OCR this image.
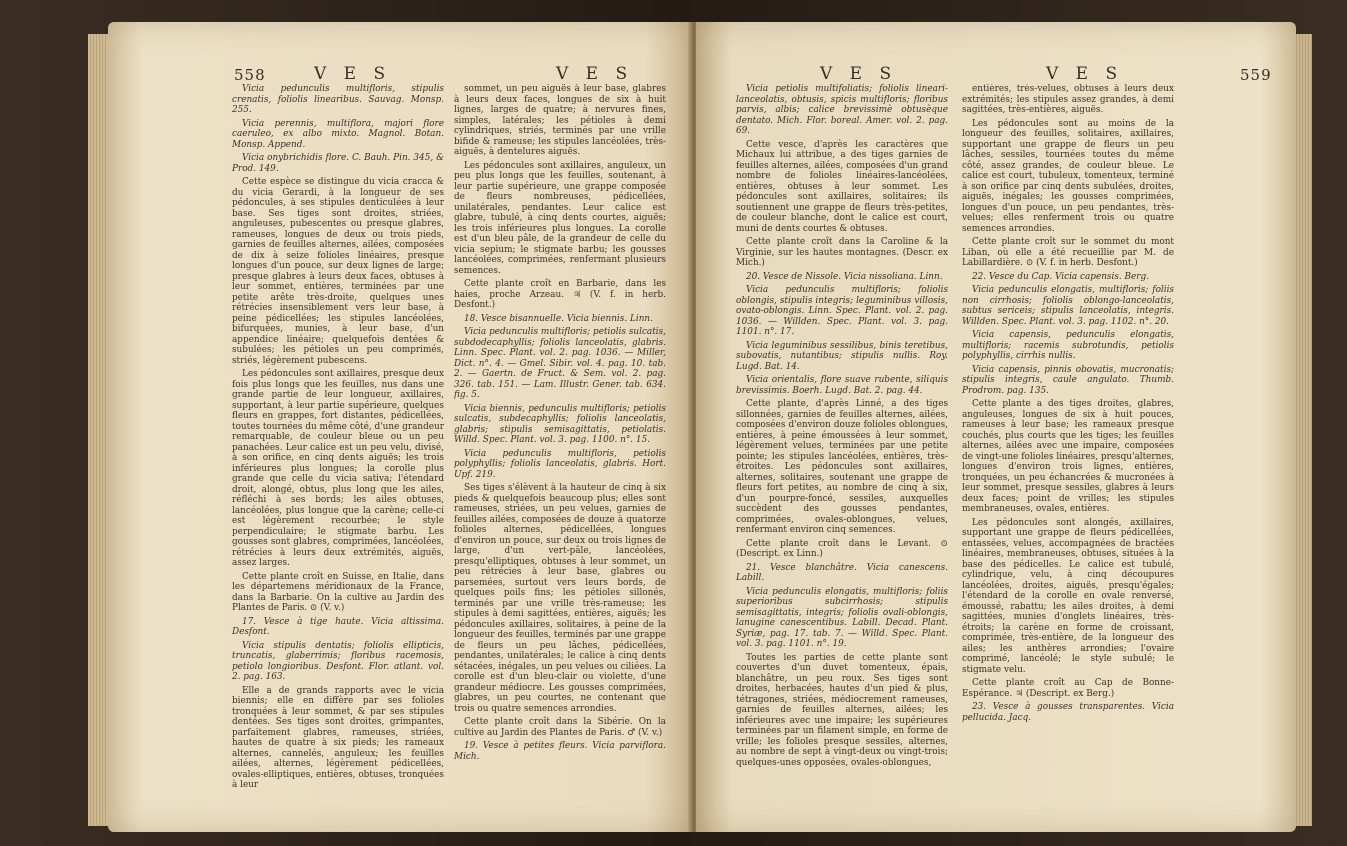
558	V E S	V E S

Vicia pedunculis multifloris, stipulis crenatis, foliolis linearibus. Sauvag. Monsp. 255.

Vicia perennis, multiflora, majori flore caeruleo, ex albo mixto. Magnol. Botan. Monsp. Append.

Vicia onybrichidis flore. C. Bauh. Pin. 345, & Prod. 149.

Cette espèce se distingue du vicia cracca & du vicia Gerardi, à la longueur de ses pédoncules, à ses stipules denticulées à leur base. Ses tiges sont droites, striées, anguleuses, pubescentes ou presque glabres, rameuses, longues de deux ou trois pieds, garnies de feuilles alternes, ailées, composées de dix à seize folioles linéaires, presque longues d'un pouce, sur deux lignes de large; presque glabres à leurs deux faces, obtuses à leur sommet, entières, terminées par une petite arête très-droite, quelques unes rétrécies insensiblement vers leur base, à peine pédicellées; les stipules lancéolées, bifurquées, munies, à leur base, d'un appendice linéaire; quelquefois dentées & subulées; les pétioles un peu comprimés, striés, légèrement pubescens.

Les pédoncules sont axillaires, presque deux fois plus longs que les feuilles, nus dans une grande partie de leur longueur, axillaires, supportant, à leur partie supérieure, quelques fleurs en grappes, fort distantes, pédicellées, toutes tournées du même côté, d'une grandeur remarquable, de couleur bleue ou un peu panachées. Leur calice est un peu velu, divisé, à son orifice, en cinq dents aiguës; les trois inférieures plus longues; la corolle plus grande que celle du vicia sativa; l'étendard droit, alongé, obtus, plus long que les ailes, réfléchi à ses bords; les ailes obtuses, lancéolées, plus longue que la carène; celle-ci est légèrement recourbée; le style perpendiculaire; le stigmate barbu. Les gousses sont glabres, comprimées, lancéolées, rétrécies à leurs deux extrémités, aiguës, assez larges.

Cette plante croît en Suisse, en Italie, dans les départemens méridionaux de la France, dans la Barbarie. On la cultive au Jardin des Plantes de Paris. ⊙ (V. v.)

17. Vesce à tige haute. Vicia altissima. Desfont.

Vicia stipulis dentatis; foliolis ellipticis, truncatis, glaberrimis; floribus racemosis, petiolo longioribus. Desfont. Flor. atlant. vol. 2. pag. 163.

Elle a de grands rapports avec le vicia biennis; elle en diffère par ses folioles tronquées à leur sommet, & par ses stipules dentées. Ses tiges sont droites, grimpantes, parfaitement glabres, rameuses, striées, hautes de quatre à six pieds; les rameaux alternes, cannelés, anguleux; les feuilles ailées, alternes, légèrement pédicellées, ovales-elliptiques, entières, obtuses, tronquées à leur

sommet, un peu aiguës à leur base, glabres à leurs deux faces, longues de six à huit lignes, larges de quatre; à nervures fines, simples, latérales; les pétioles à demi cylindriques, striés, terminés par une vrille bifide & rameuse; les stipules lancéolées, très-aiguës, à dentelures aiguës.

Les pédoncules sont axillaires, anguleux, un peu plus longs que les feuilles, soutenant, à leur partie supérieure, une grappe composée de fleurs nombreuses, pédicellées, unilatérales, pendantes. Leur calice est glabre, tubulé, à cinq dents courtes, aiguës; les trois inférieures plus longues. La corolle est d'un bleu pâle, de la grandeur de celle du vicia sepium; le stigmate barbu; les gousses lancéolées, comprimées, renfermant plusieurs semences.

Cette plante croît en Barbarie, dans les haies, proche Arzeau. ♃ (V. f. in herb. Desfont.)

18. Vesce bisannuelle. Vicia biennis. Linn.

Vicia pedunculis multifloris; petiolis sulcatis, subdodecaphyllis; foliolis lanceolatis, glabris. Linn. Spec. Plant. vol. 2. pag. 1036. — Miller, Dict. n°. 4. — Gmel. Sibir. vol. 4. pag. 10. tab. 2. — Gaertn. de Fruct. & Sem. vol. 2. pag. 326. tab. 151. — Lam. Illustr. Gener. tab. 634. fig. 5.

Vicia biennis, pedunculis multifloris; petiolis sulcatis, subdecaphyllis; foliolis lanceolatis, glabris; stipulis semisagittatis, petiolatis. Willd. Spec. Plant. vol. 3. pag. 1100. n°. 15.

Vicia pedunculis multifloris, petiolis polyphyllis; foliolis lanceolatis, glabris. Hort. Upf. 219.

Ses tiges s'élèvent à la hauteur de cinq à six pieds & quelquefois beaucoup plus; elles sont rameuses, striées, un peu velues, garnies de feuilles ailées, composées de douze à quatorze folioles alternes, pédicellées, longues d'environ un pouce, sur deux ou trois lignes de large, d'un vert-pâle, lancéolées, presqu'elliptiques, obtuses à leur sommet, un peu rétrécies à leur base, glabres ou parsemées, surtout vers leurs bords, de quelques poils fins; les pétioles sillonés, terminés par une vrille très-rameuse; les stipules à demi sagittées, entières, aiguës; les pédoncules axillaires, solitaires, à peine de la longueur des feuilles, terminés par une grappe de fleurs un peu lâches, pédicellées, pendantes, unilatérales; le calice à cinq dents sétacées, inégales, un peu velues ou ciliées. La corolle est d'un bleu-clair ou violette, d'une grandeur médiocre. Les gousses comprimées, glabres, un peu courtes, ne contenant que trois ou quatre semences arrondies.

Cette plante croît dans la Sibérie. On la cultive au Jardin des Plantes de Paris. ♂ (V. v.)

19. Vesce à petites fleurs. Vicia parviflora. Mich.

V E S	V E S	559

Vicia petiolis multifoliatis; foliolis lineari-lanceolatis, obtusis, spicis multifloris; floribus parvis, albis; calice brevissimè obtusèque dentato. Mich. Flor. boreal. Amer. vol. 2. pag. 69.

Cette vesce, d'après les caractères que Michaux lui attribue, a des tiges garnies de feuilles alternes, ailées, composées d'un grand nombre de folioles linéaires-lancéolées, entières, obtuses à leur sommet. Les pédoncules sont axillaires, solitaires; ils soutiennent une grappe de fleurs très-petites, de couleur blanche, dont le calice est court, muni de dents courtes & obtuses.

Cette plante croît dans la Caroline & la Virginie, sur les hautes montagnes. (Descr. ex Mich.)

20. Vesce de Nissole. Vicia nissoliana. Linn.

Vicia pedunculis multifloris; foliolis oblongis, stipulis integris; leguminibus villosis, ovato-oblongis. Linn. Spec. Plant. vol. 2. pag. 1036. — Willden. Spec. Plant. vol. 3. pag. 1101. n°. 17.

Vicia leguminibus sessilibus, binis teretibus, subovatis, nutantibus; stipulis nullis. Roy. Lugd. Bat. 14.

Vicia orientalis, flore suave rubente, siliquis brevissimis. Boerh. Lugd. Bat. 2. pag. 44.

Cette plante, d'après Linné, a des tiges sillonnées, garnies de feuilles alternes, ailées, composées d'environ douze folioles oblongues, entières, à peine émoussées à leur sommet, légèrement velues, terminées par une petite pointe; les stipules lancéolées, entières, très-étroites. Les pédoncules sont axillaires, alternes, solitaires, soutenant une grappe de fleurs fort petites, au nombre de cinq à six, d'un pourpre-foncé, sessiles, auxquelles succèdent des gousses pendantes, comprimées, ovales-oblongues, velues, renfermant environ cinq semences.

Cette plante croît dans le Levant. ⊙ (Descript. ex Linn.)

21. Vesce blanchâtre. Vicia canescens. Labill.

Vicia pedunculis elongatis, multifloris; foliis superioribus subcirrhosis; stipulis semisagittatis, integris; foliolis ovali-oblongis, lanugine canescentibus. Labill. Decad. Plant. Syriæ, pag. 17. tab. 7. — Willd. Spec. Plant. vol. 3. pag. 1101. n°. 19.

Toutes les parties de cette plante sont couvertes d'un duvet tomenteux, épais, blanchâtre, un peu roux. Ses tiges sont droites, herbacées, hautes d'un pied & plus, tétragones, striées, médiocrement rameuses, garnies de feuilles alternes, ailées; les inférieures avec une impaire; les supérieures terminées par un filament simple, en forme de vrille; les folioles presque sessiles, alternes, au nombre de sept à vingt-deux ou vingt-trois; quelques-unes opposées, ovales-oblongues,

entières, très-velues, obtuses à leurs deux extrémités; les stipules assez grandes, à demi sagittées, très-entières, aiguës.

Les pédoncules sont au moins de la longueur des feuilles, solitaires, axillaires, supportant une grappe de fleurs un peu lâches, sessiles, tournées toutes du même côté, assez grandes, de couleur bleue. Le calice est court, tubuleux, tomenteux, terminé à son orifice par cinq dents subulées, droites, aiguës, inégales; les gousses comprimées, longues d'un pouce, un peu pendantes, très-velues; elles renferment trois ou quatre semences arrondies.

Cette plante croît sur le sommet du mont Liban, où elle a été recueillie par M. de Labillardière. ⊙ (V. f. in herb. Desfont.)

22. Vesce du Cap. Vicia capensis. Berg.

Vicia pedunculis elongatis, multifloris; foliis non cirrhosis; foliolis oblongo-lanceolatis, subtus sericeis; stipulis lanceolatis, integris. Willden. Spec. Plant. vol. 3. pag. 1102. n°. 20.

Vicia capensis, pedunculis elongatis, multifloris; racemis subrotundis, petiolis polyphyllis, cirrhis nullis.

Vicia capensis, pinnis obovatis, mucronatis; stipulis integris, caule angulato. Thumb. Prodrom. pag. 135.

Cette plante a des tiges droites, glabres, anguleuses, longues de six à huit pouces, rameuses à leur base; les rameaux presque couchés, plus courts que les tiges; les feuilles alternes, ailées avec une impaire, composées de vingt-une folioles linéaires, presqu'alternes, longues d'environ trois lignes, entières, tronquées, un peu échancrées & mucronées à leur sommet, presque sessiles, glabres à leurs deux faces; point de vrilles; les stipules membraneuses, ovales, entières.

Les pédoncules sont alongés, axillaires, supportant une grappe de fleurs pédicellées, entassées, velues, accompagnées de bractées linéaires, membraneuses, obtuses, situées à la base des pédicelles. Le calice est tubulé, cylindrique, velu, à cinq découpures lancéolées, droites, aiguës, presqu'égales; l'étendard de la corolle en ovale renversé, émoussé, rabattu; les ailes droites, à demi sagittées, munies d'onglets linéaires, très-étroits; la carène en forme de croissant, comprimée, très-entière, de la longueur des ailes; les anthères arrondies; l'ovaire comprimé, lancéolé; le style subulé; le stigmate velu.

Cette plante croît au Cap de Bonne-Espérance. ♃ (Descript. ex Berg.)

23. Vesce à gousses transparentes. Vicia pellucida. Jacq.
